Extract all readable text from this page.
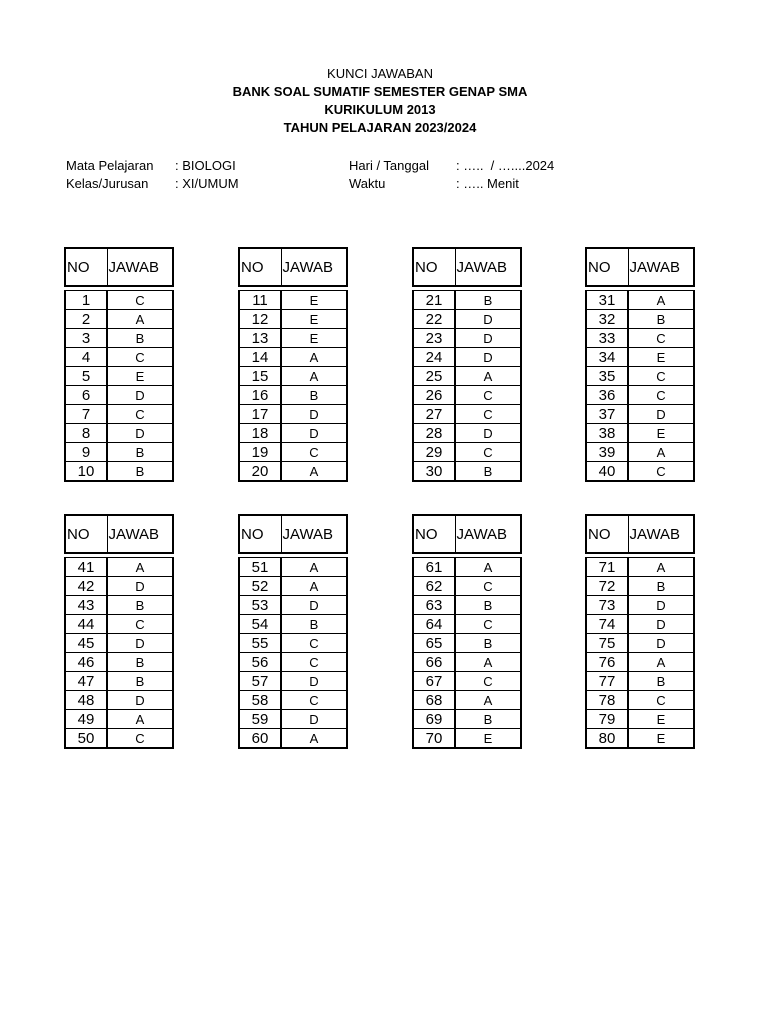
KUNCI JAWABAN
BANK SOAL SUMATIF SEMESTER GENAP SMA
KURIKULUM 2013
TAHUN PELAJARAN 2023/2024
Mata Pelajaran : BIOLOGI
Kelas/Jurusan : XI/UMUM
Hari / Tanggal : …..  / …....2024
Waktu	: ….. Menit
NO	JAWAB

1	C
2	A
3	B
4	C
5	E
6	D
7	C
8	D
9	B
10	B
NO	JAWAB

11	E
12	E
13	E
14	A
15	A
16	B
17	D
18	D
19	C
20	A
NO	JAWAB

21	B
22	D
23	D
24	D
25	A
26	C
27	C
28	D
29	C
30	B
NO	JAWAB

31	A
32	B
33	C
34	E
35	C
36	C
37	D
38	E
39	A
40	C
NO	JAWAB

41	A
42	D
43	B
44	C
45	D
46	B
47	B
48	D
49	A
50	C
NO	JAWAB

51	A
52	A
53	D
54	B
55	C
56	C
57	D
58	C
59	D
60	A
NO	JAWAB

61	A
62	C
63	B
64	C
65	B
66	A
67	C
68	A
69	B
70	E
NO	JAWAB

71	A
72	B
73	D
74	D
75	D
76	A
77	B
78	C
79	E
80	E
